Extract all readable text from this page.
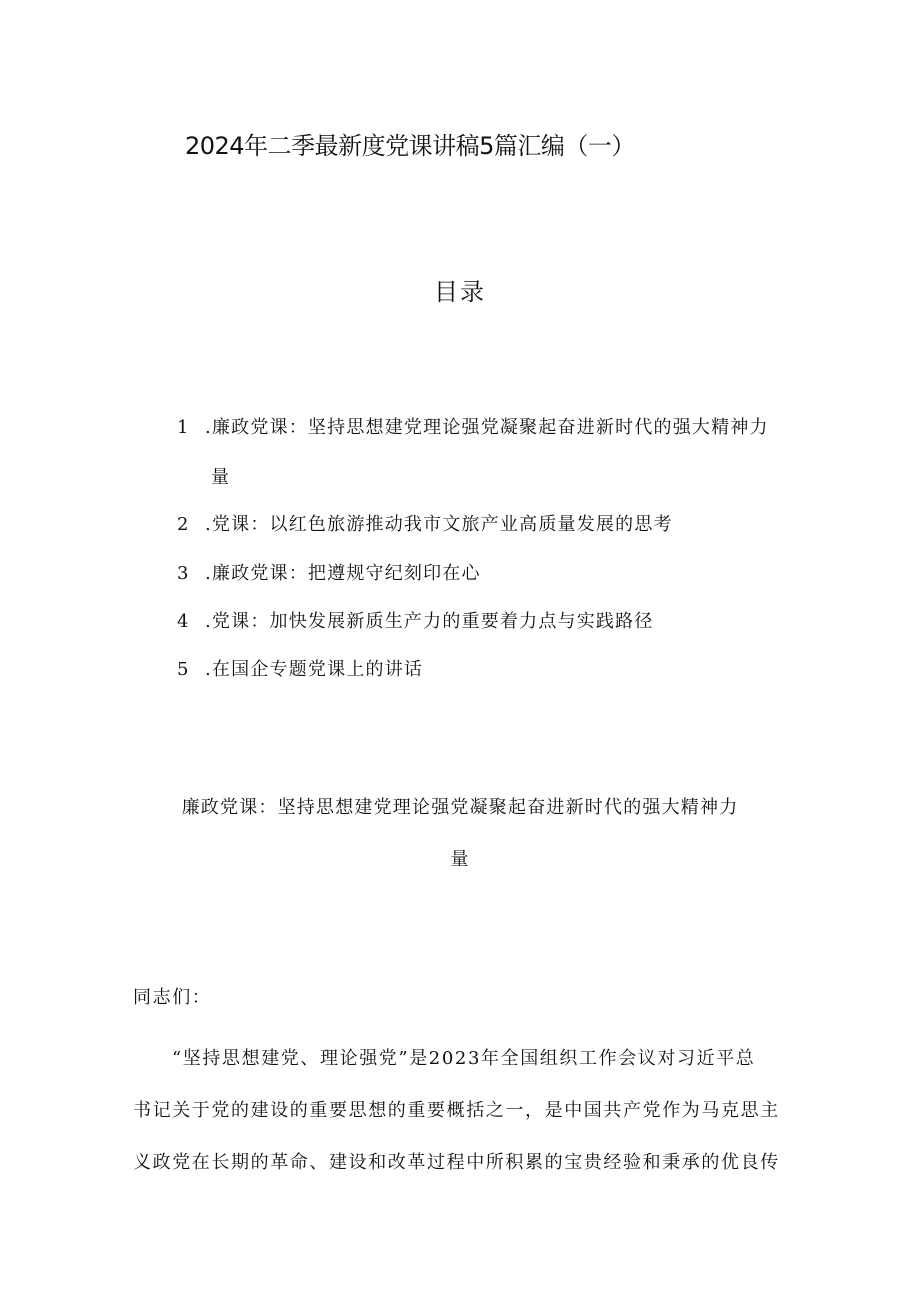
2024年二季最新度党课讲稿5篇汇编（一）
目录
1 .廉政党课：坚持思想建党理论强党凝聚起奋进新时代的强大精神力
量
2 .党课：以红色旅游推动我市文旅产业高质量发展的思考
3 .廉政党课：把遵规守纪刻印在心
4 .党课：加快发展新质生产力的重要着力点与实践路径
5 .在国企专题党课上的讲话
廉政党课：坚持思想建党理论强党凝聚起奋进新时代的强大精神力
量
同志们：
“坚持思想建党、理论强党”是2023年全国组织工作会议对习近平总
书记关于党的建设的重要思想的重要概括之一，是中国共产党作为马克思主
义政党在长期的革命、建设和改革过程中所积累的宝贵经验和秉承的优良传
